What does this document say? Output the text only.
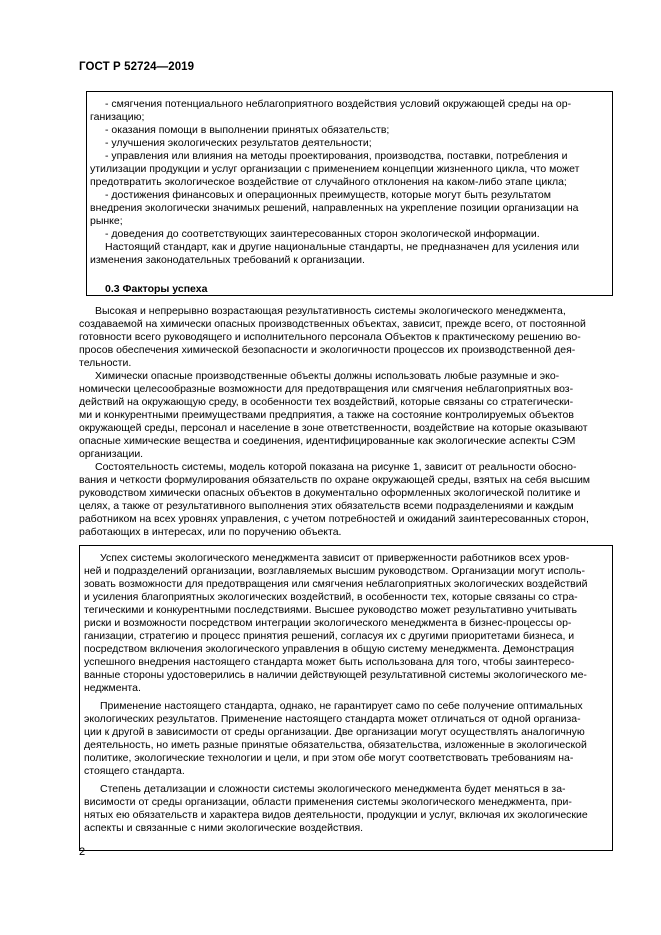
ГОСТ Р 52724—2019

- смягчения потенциального неблагоприятного воздействия условий окружающей среды на ор-

ганизацию;

- оказания помощи в выполнении принятых обязательств;
- улучшения экологических результатов деятельности;
- управления или влияния на методы проектирования, производства, поставки, потребления и

утилизации продукции и услуг организации с применением концепции жизненного цикла, что может
предотвратить экологическое воздействие от случайного отклонения на каком-либо этапе цикла;

- достижения финансовых и операционных преимуществ, которые могут быть результатом

внедрения экологически значимых решений, направленных на укрепление позиции организации на
рынке;

- доведения до соответствующих заинтересованных сторон экологической информации.
Настоящий стандарт, как и другие национальные стандарты, не предназначен для усиления или

изменения законодательных требований к организации.

0.3 Факторы успеха

Высокая и непрерывно возрастающая результативность системы экологического менеджмента,

создаваемой на химически опасных производственных объектах, зависит, прежде всего, от постоянной
готовности всего руководящего и исполнительного персонала Объектов к практическому решению во-
просов обеспечения химической безопасности и экологичности процессов их производственной дея-
тельности.

Химически опасные производственные объекты должны использовать любые разумные и эко-

номически целесообразные возможности для предотвращения или смягчения неблагоприятных воз-
действий на окружающую среду, в особенности тех воздействий, которые связаны со стратегически-
ми и конкурентными преимуществами предприятия, а также на состояние контролируемых объектов
окружающей среды, персонал и население в зоне ответственности, воздействие на которые оказывают
опасные химические вещества и соединения, идентифицированные как экологические аспекты СЭМ
организации.

Состоятельность системы, модель которой показана на рисунке 1, зависит от реальности обосно-

вания и четкости формулирования обязательств по охране окружающей среды, взятых на себя высшим
руководством химически опасных объектов в документально оформленных экологической политике и
целях, а также от результативного выполнения этих обязательств всеми подразделениями и каждым
работником на всех уровнях управления, с учетом потребностей и ожиданий заинтересованных сторон,
работающих в интересах, или по поручению объекта.

Успех системы экологического менеджмента зависит от приверженности работников всех уров-

ней и подразделений организации, возглавляемых высшим руководством. Организации могут исполь-
зовать возможности для предотвращения или смягчения неблагоприятных экологических воздействий
и усиления благоприятных экологических воздействий, в особенности тех, которые связаны со стра-
тегическими и конкурентными последствиями. Высшее руководство может результативно учитывать
риски и возможности посредством интеграции экологического менеджмента в бизнес-процессы ор-
ганизации, стратегию и процесс принятия решений, согласуя их с другими приоритетами бизнеса, и
посредством включения экологического управления в общую систему менеджмента. Демонстрация
успешного внедрения настоящего стандарта может быть использована для того, чтобы заинтересо-
ванные стороны удостоверились в наличии действующей результативной системы экологического ме-
неджмента.

Применение настоящего стандарта, однако, не гарантирует само по себе получение оптимальных

экологических результатов. Применение настоящего стандарта может отличаться от одной организа-
ции к другой в зависимости от среды организации. Две организации могут осуществлять аналогичную
деятельность, но иметь разные принятые обязательства, обязательства, изложенные в экологической
политике, экологические технологии и цели, и при этом обе могут соответствовать требованиям на-
стоящего стандарта.

Степень детализации и сложности системы экологического менеджмента будет меняться в за-

висимости от среды организации, области применения системы экологического менеджмента, при-
нятых ею обязательств и характера видов деятельности, продукции и услуг, включая их экологические
аспекты и связанные с ними экологические воздействия.

2
